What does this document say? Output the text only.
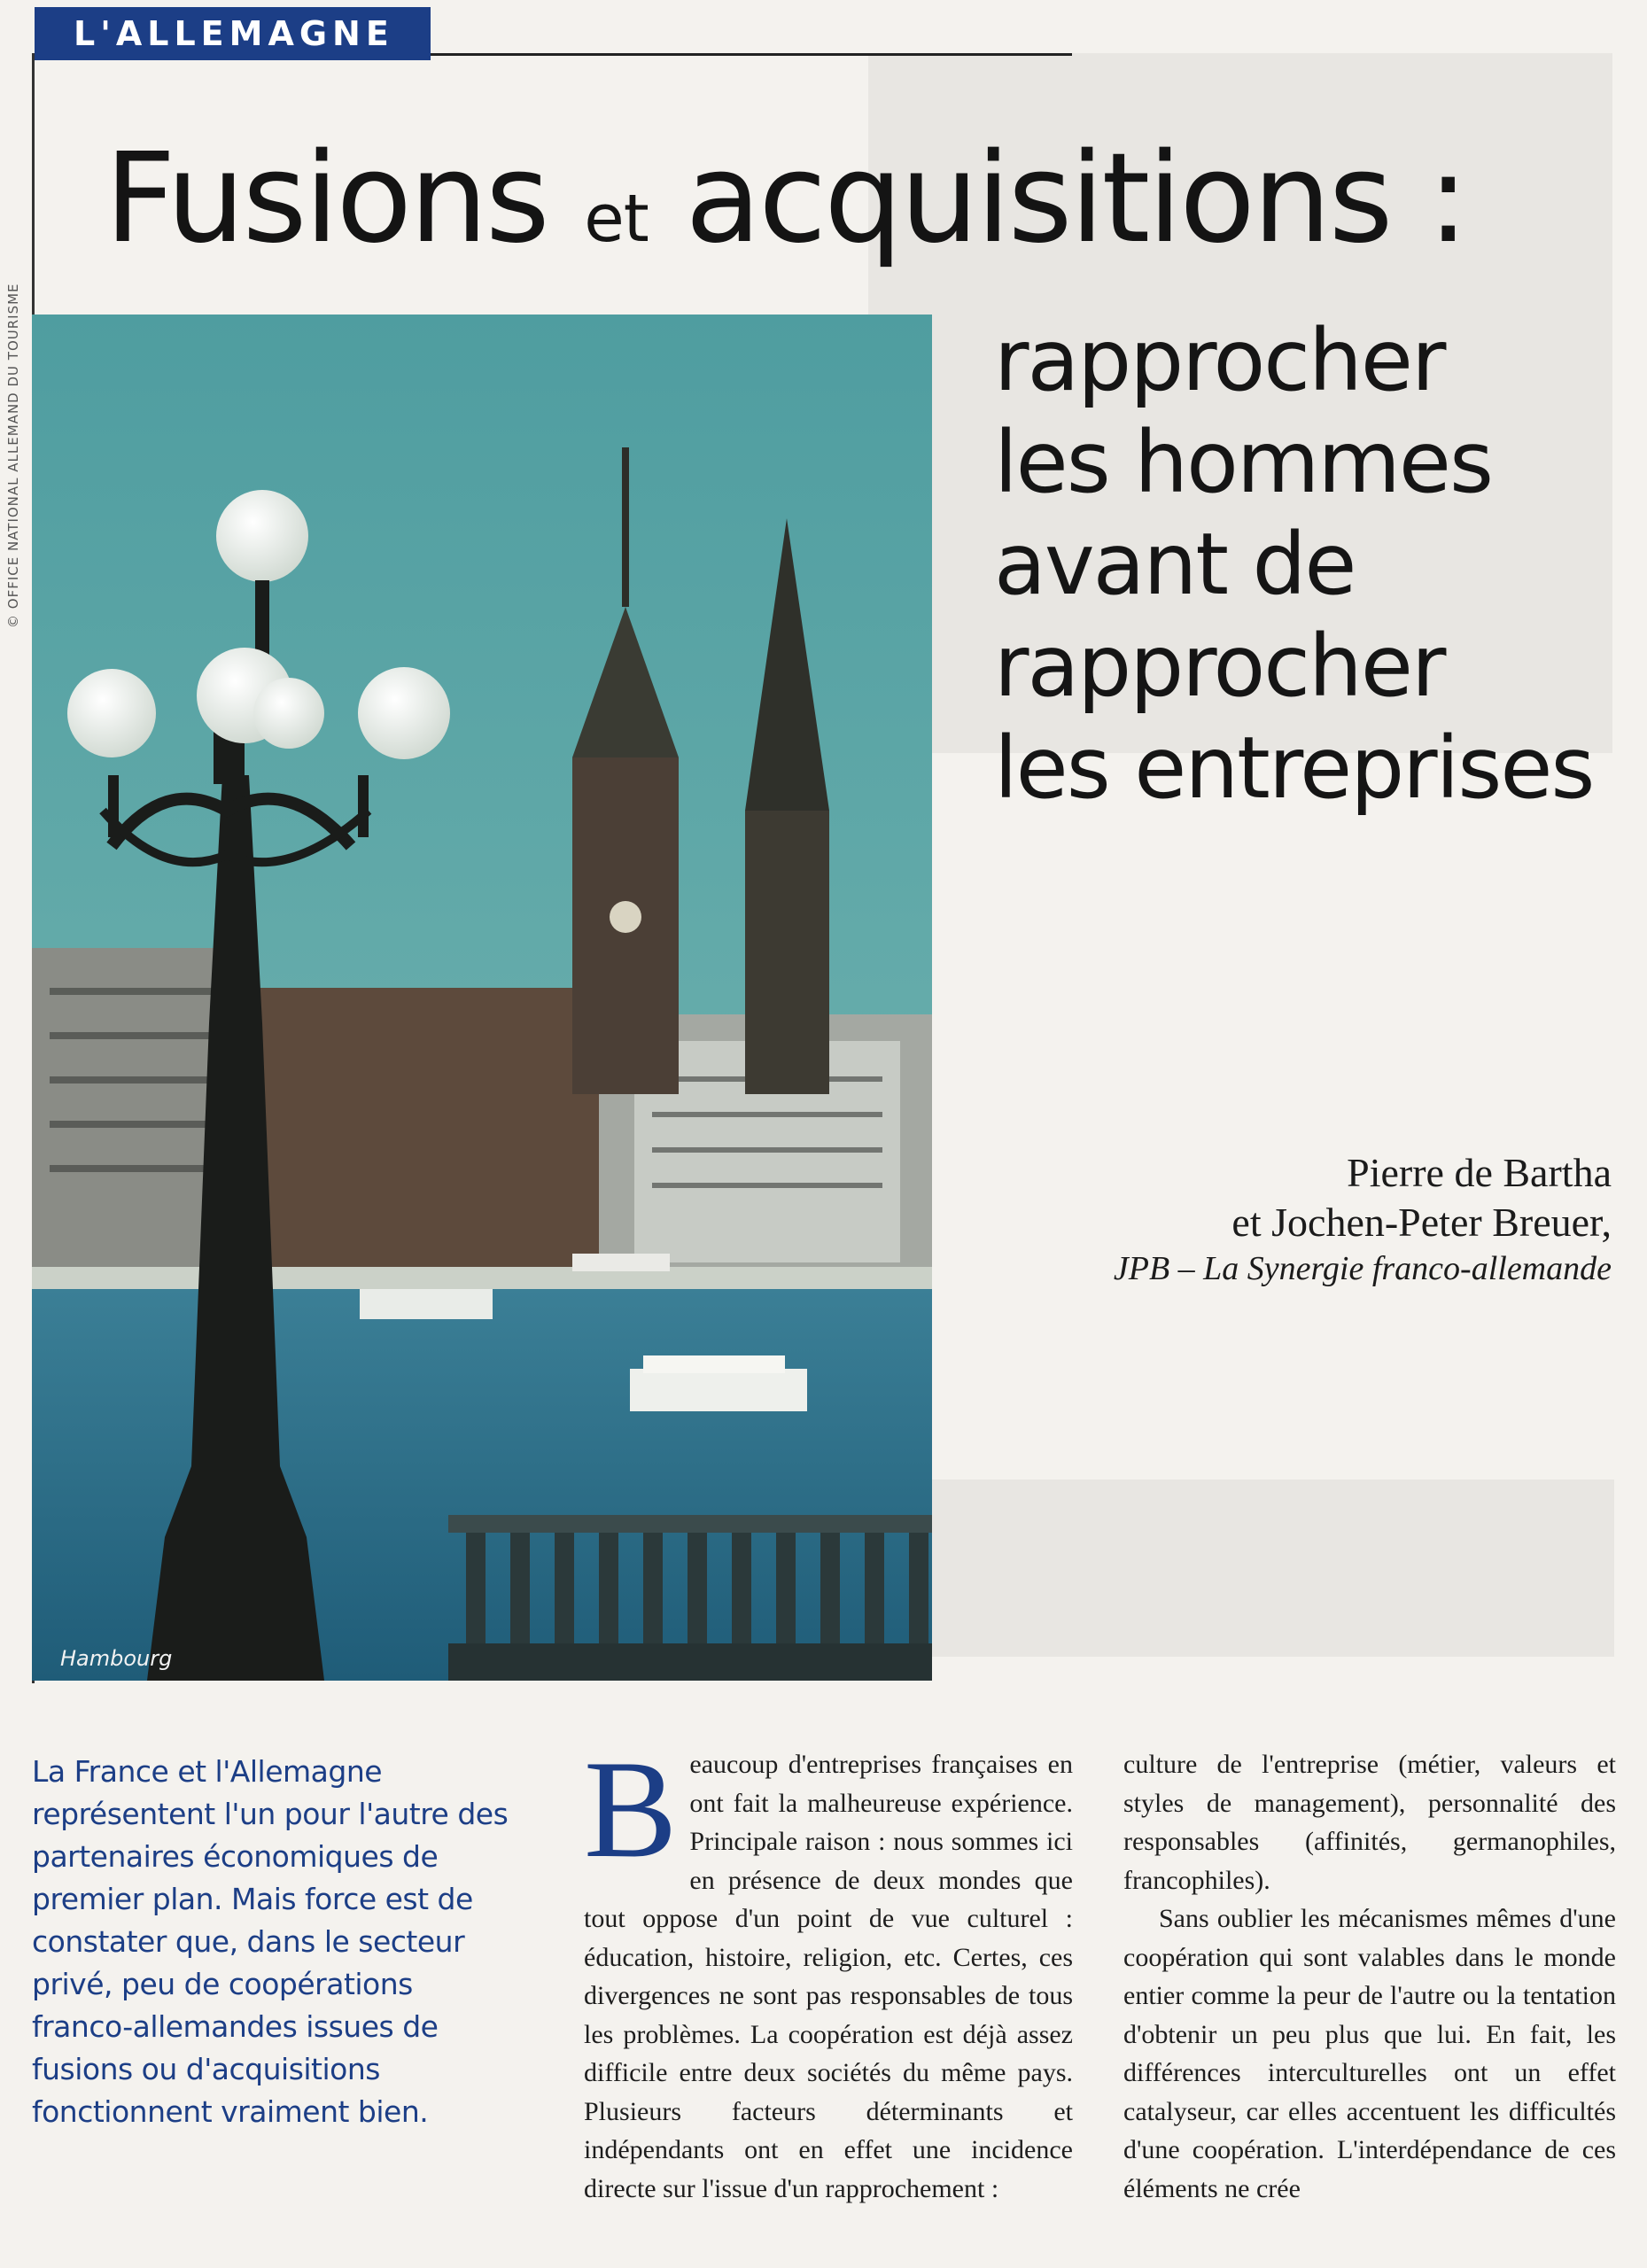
L'ALLEMAGNE
© OFFICE NATIONAL ALLEMAND DU TOURISME
Hambourg
Fusions et acquisitions :
rapprocher
les hommes
avant de
rapprocher
les entreprises
Pierre de Bartha
et Jochen-Peter Breuer,
JPB – La Synergie franco-allemande
La France et l'Allemagne représentent l'un pour l'autre des partenaires économiques de premier plan. Mais force est de constater que, dans le secteur privé, peu de coopérations franco-allemandes issues de fusions ou d'acquisitions fonctionnent vraiment bien.
B eaucoup d'entreprises françaises en ont fait la malheureuse expérience. Principale raison : nous sommes ici en présence de deux mondes que tout oppose d'un point de vue culturel : éducation, histoire, religion, etc. Certes, ces divergences ne sont pas responsables de tous les problèmes. La coopération est déjà assez difficile entre deux sociétés du même pays. Plusieurs facteurs déterminants et indépendants ont en effet une incidence directe sur l'issue d'un rapprochement :
culture de l'entreprise (métier, valeurs et styles de management), personnalité des responsables (affinités, germanophiles, francophiles).
Sans oublier les mécanismes mêmes d'une coopération qui sont valables dans le monde entier comme la peur de l'autre ou la tentation d'obtenir un peu plus que lui. En fait, les différences interculturelles ont un effet catalyseur, car elles accentuent les difficultés d'une coopération. L'interdépendance de ces éléments ne crée
